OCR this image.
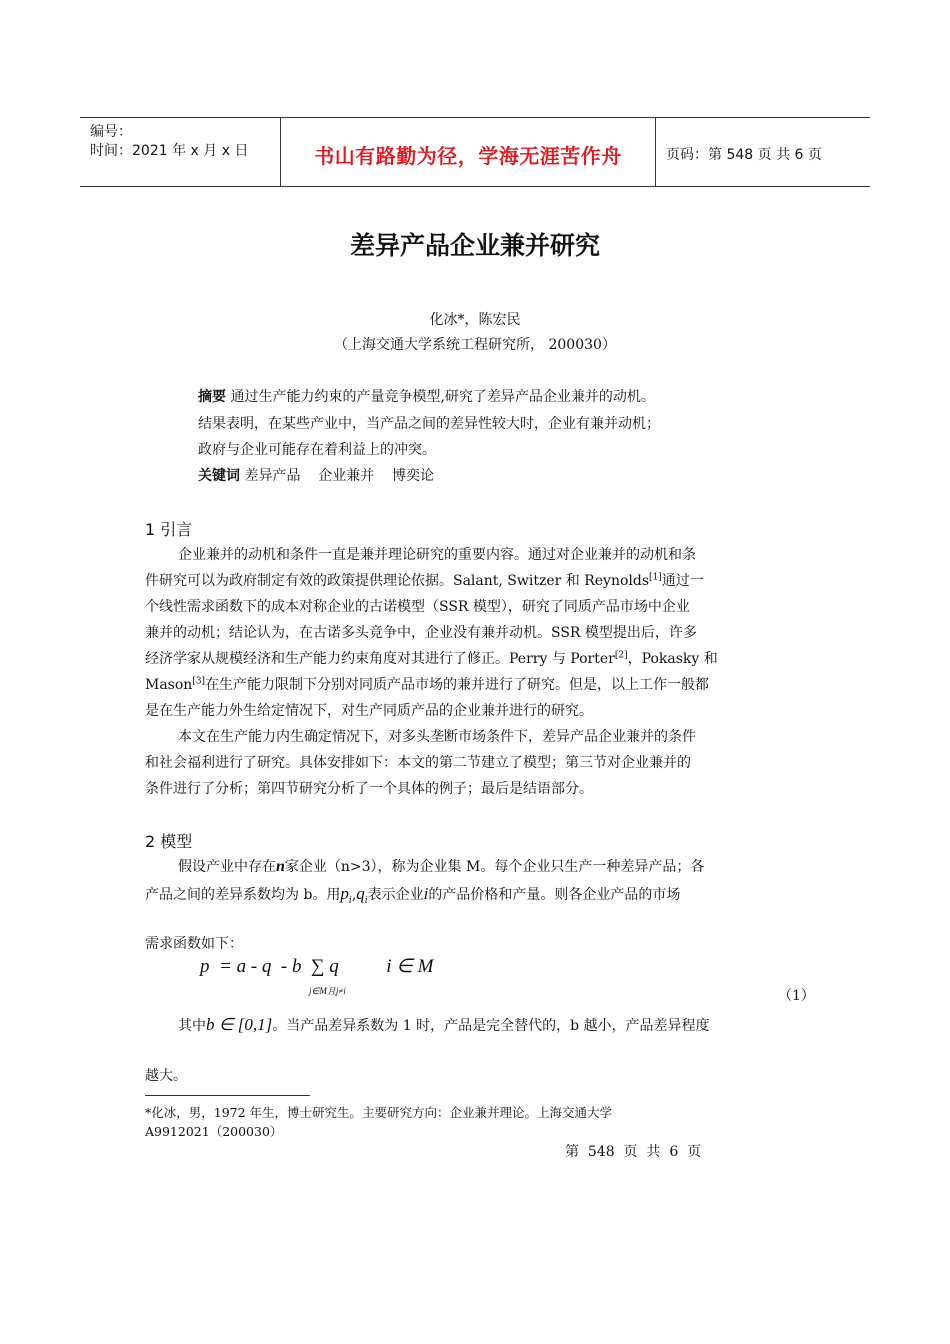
编号：
时间：2021 年 x 月 x 日	书山有路勤为径，学海无涯苦作舟	页码：第 548 页 共 6 页
差异产品企业兼并研究
化冰*，陈宏民
（上海交通大学系统工程研究所， 200030）
摘要 通过生产能力约束的产量竞争模型,研究了差异产品企业兼并的动机。
结果表明，在某些产业中，当产品之间的差异性较大时，企业有兼并动机；
政府与企业可能存在着利益上的冲突。
关键词 差异产品    企业兼并    博奕论
1 引言
企业兼并的动机和条件一直是兼并理论研究的重要内容。通过对企业兼并的动机和条
件研究可以为政府制定有效的政策提供理论依据。Salant, Switzer 和 Reynolds[1]通过一
个线性需求函数下的成本对称企业的古诺模型（SSR 模型），研究了同质产品市场中企业
兼并的动机；结论认为，在古诺多头竞争中，企业没有兼并动机。SSR 模型提出后，许多
经济学家从规模经济和生产能力约束角度对其进行了修正。Perry 与 Porter[2]，Pokasky 和
Mason[3]在生产能力限制下分别对同质产品市场的兼并进行了研究。但是，以上工作一般都
是在生产能力外生给定情况下，对生产同质产品的企业兼并进行的研究。
本文在生产能力内生确定情况下，对多头垄断市场条件下，差异产品企业兼并的条件
和社会福利进行了研究。具体安排如下：本文的第二节建立了模型；第三节对企业兼并的
条件进行了分析；第四节研究分析了一个具体的例子；最后是结语部分。
2 模型
假设产业中存在n家企业（n>3），称为企业集 M。每个企业只生产一种差异产品；各
产品之间的差异系数均为 b。用$p_i,q_i$表示企业i的产品价格和产量。则各企业产品的市场
需求函数如下：
p  = a - q  - b  ∑ q          i ∈ M
j∈M且j≠i	（1）
其中b ∈ [0,1]。当产品差异系数为 1 时，产品是完全替代的，b 越小，产品差异程度
越大。
*化冰，男，1972 年生，博士研究生。主要研究方向：企业兼并理论。上海交通大学
A9912021（200030）
第  548  页  共  6  页
